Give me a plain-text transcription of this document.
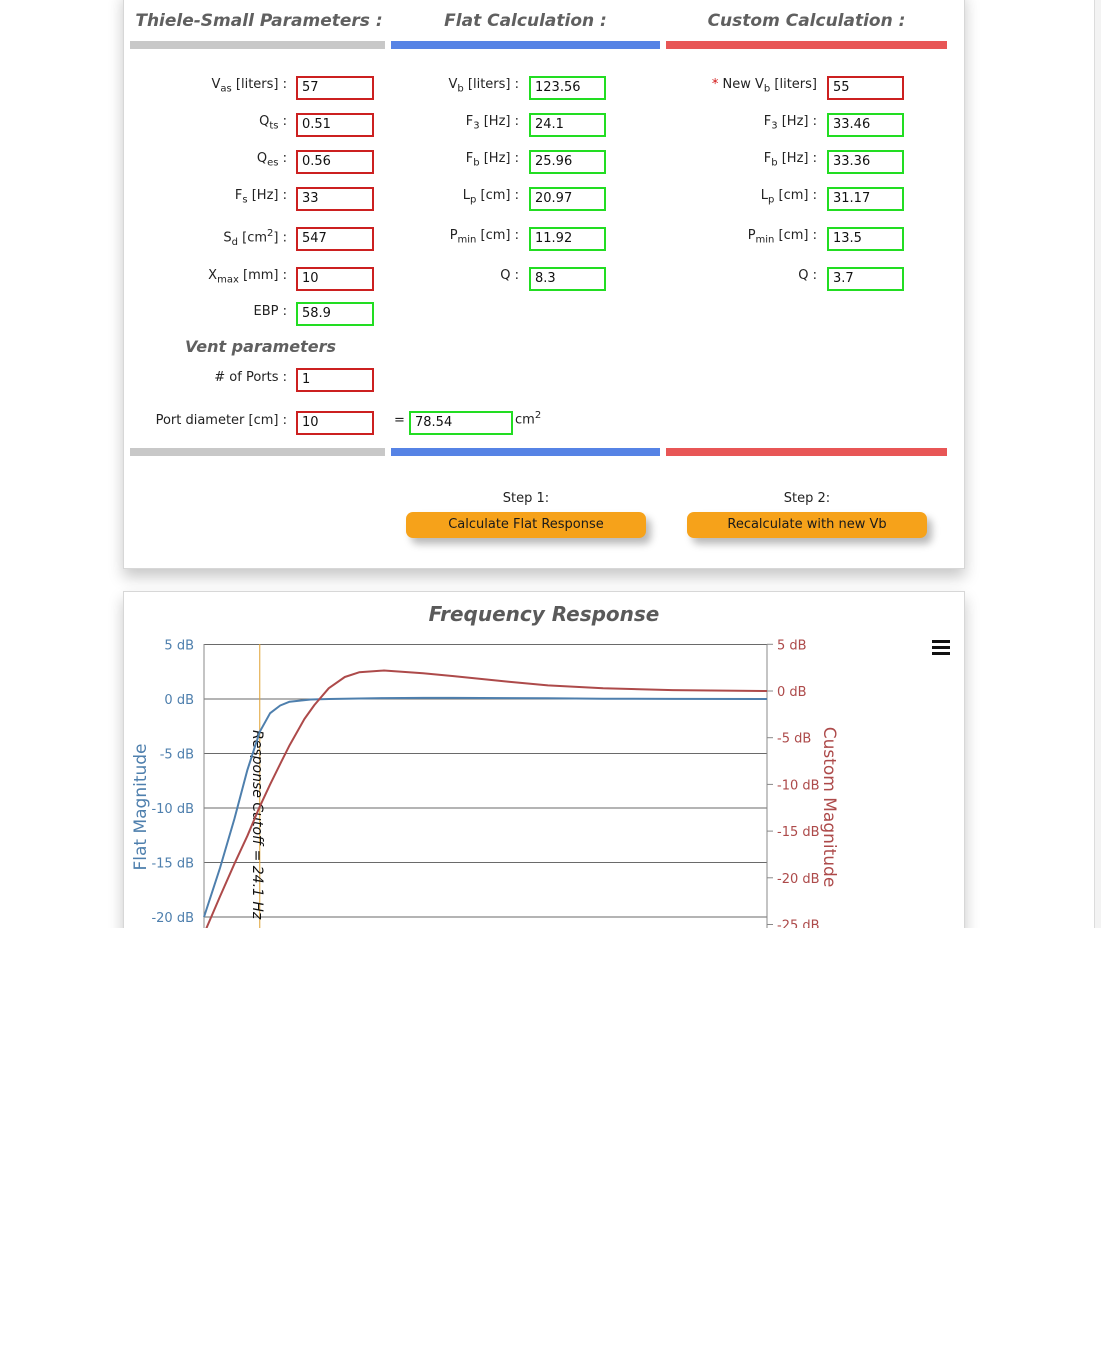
Thiele-Small Parameters :	Flat Calculation :	Custom Calculation :
$V_{as}$ [liters] :
57
$Q_{ts}$ :
0.51
$Q_{es}$ :
0.56
$F_s$ [Hz] :
33
$S_d$ $[cm^2]$ :
547
$X_{max}$ [mm] :
10
EBP :
58.9
Vent parameters
# of Ports :
1
Port diameter [cm] :
10	=
78.54	$cm^2$
$V_b$ [liters] :
123.56
$F_3$ [Hz] :
24.1
$F_b$ [Hz] :
25.96
$L_p$ [cm] :
20.97
$P_{min}$ [cm] :
11.92
Q :
8.3
* New $V_b$ [liters]
55
$F_3$ [Hz] :
33.46
$F_b$ [Hz] :
33.36
$L_p$ [cm] :
31.17
$P_{min}$ [cm] :
13.5
Q :
3.7
Step 1:
Calculate Flat Response
Step 2:
Recalculate with new Vb
Frequency Response
5 dB
0 dB
-5 dB
-10 dB
-15 dB
-20 dB
5 dB
0 dB
-5 dB
-10 dB
-15 dB
-20 dB
-25 dB
Flat Magnitude	Custom Magnitude
Response Cutoff = 24.1 Hz
